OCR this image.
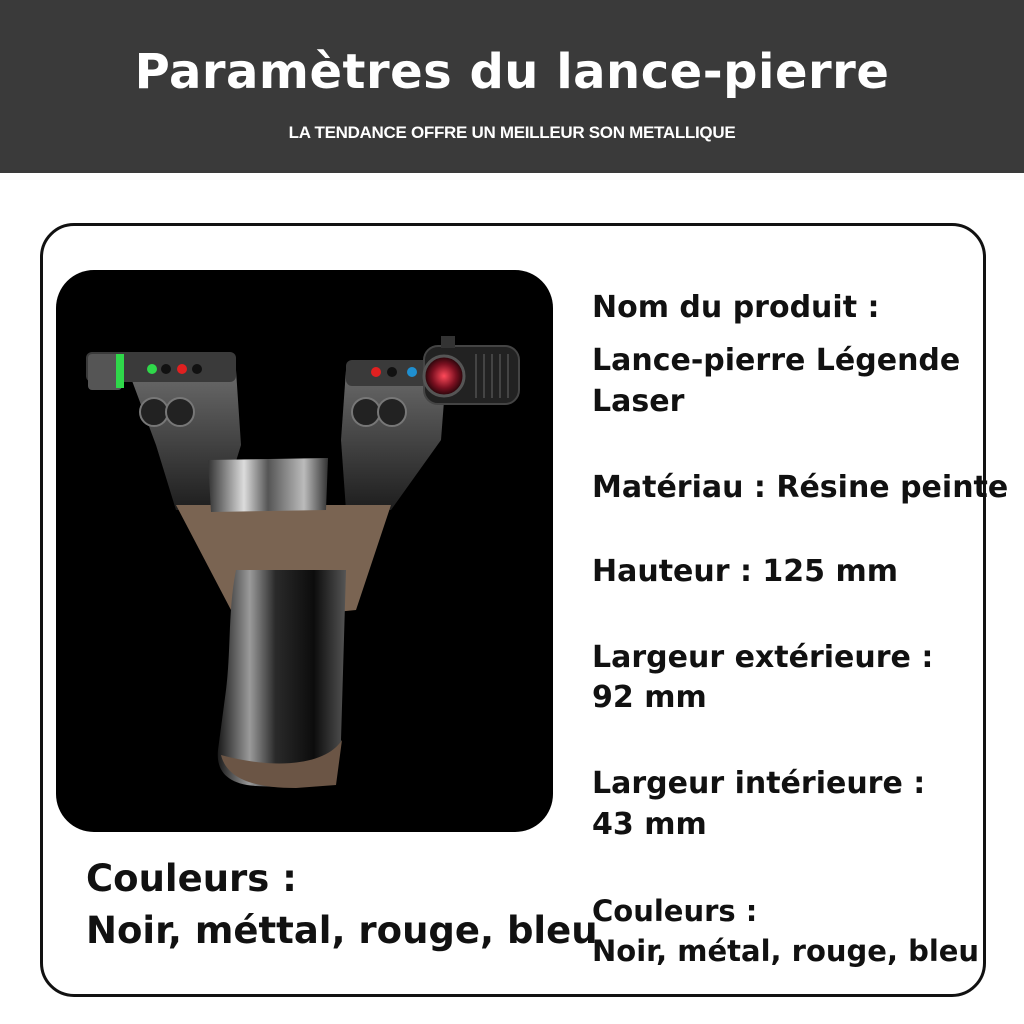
Paramètres du lance-pierre
LA TENDANCE OFFRE UN MEILLEUR SON METALLIQUE
Nom du produit :
Lance-pierre Légende
Laser
Matériau : Résine peinte
Hauteur : 125 mm
Largeur extérieure :
92 mm
Largeur intérieure :
43 mm
Couleurs :
Noir, métal, rouge, bleu
Couleurs :
Noir, méttal, rouge, bleu
